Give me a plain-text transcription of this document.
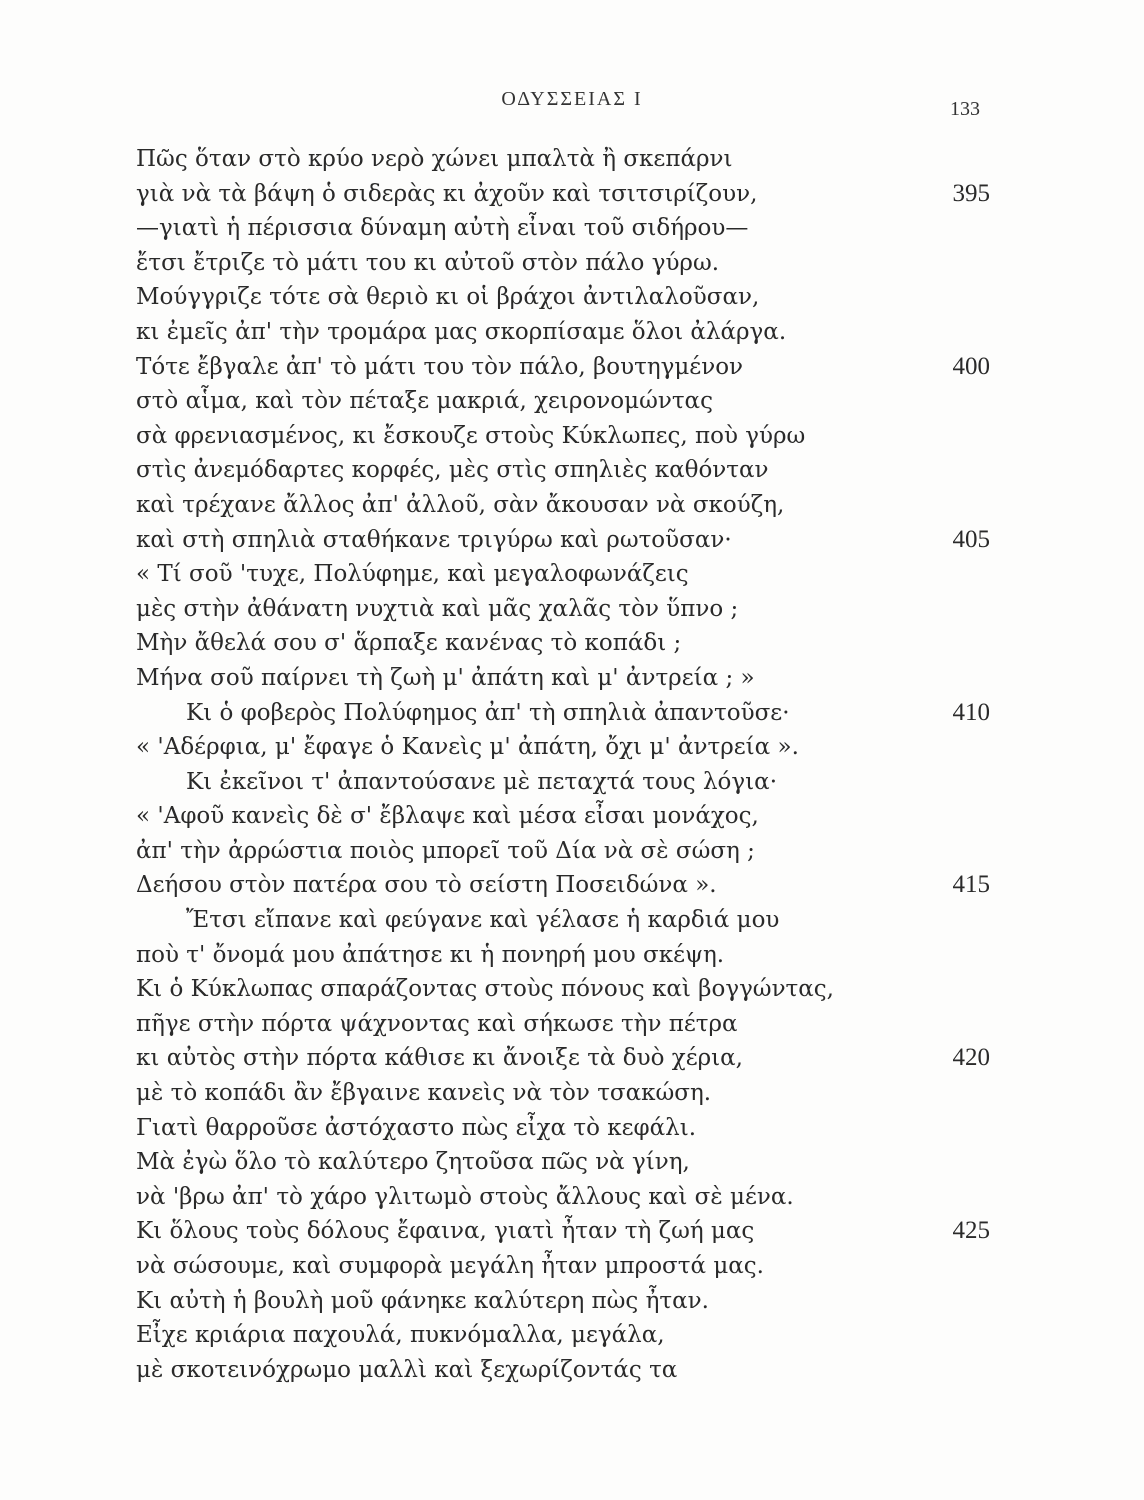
ΟΔΥΣΣΕΙΑΣ Ι	133
Πῶς ὅταν στὸ κρύο νερὸ χώνει μπαλτὰ ἢ σκεπάρνι
γιὰ νὰ τὰ βάψη ὁ σιδερὰς κι ἀχοῦν καὶ τσιτσιρίζουν,	395
—γιατὶ ἡ πέρισσια δύναμη αὐτὴ εἶναι τοῦ σιδήρου—
ἔτσι ἔτριζε τὸ μάτι του κι αὐτοῦ στὸν πάλο γύρω.
Μούγγριζε τότε σὰ θεριὸ κι οἱ βράχοι ἀντιλαλοῦσαν,
κι ἐμεῖς ἀπ' τὴν τρομάρα μας σκορπίσαμε ὅλοι ἀλάργα.
Τότε ἔβγαλε ἀπ' τὸ μάτι του τὸν πάλο, βουτηγμένον	400
στὸ αἷμα, καὶ τὸν πέταξε μακριά, χειρονομώντας
σὰ φρενιασμένος, κι ἔσκουζε στοὺς Κύκλωπες, ποὺ γύρω
στὶς ἀνεμόδαρτες κορφές, μὲς στὶς σπηλιὲς καθόνταν
καὶ τρέχανε ἄλλος ἀπ' ἀλλοῦ, σὰν ἄκουσαν νὰ σκούζη,
καὶ στὴ σπηλιὰ σταθήκανε τριγύρω καὶ ρωτοῦσαν·	405
« Τί σοῦ 'τυχε, Πολύφημε, καὶ μεγαλοφωνάζεις
μὲς στὴν ἀθάνατη νυχτιὰ καὶ μᾶς χαλᾶς τὸν ὕπνο ;
Μὴν ἄθελά σου σ' ἅρπαξε κανένας τὸ κοπάδι ;
Μήνα σοῦ παίρνει τὴ ζωὴ μ' ἀπάτη καὶ μ' ἀντρεία ; »
Κι ὁ φοβερὸς Πολύφημος ἀπ' τὴ σπηλιὰ ἀπαντοῦσε·	410
« 'Αδέρφια, μ' ἔφαγε ὁ Κανεὶς μ' ἀπάτη, ὄχι μ' ἀντρεία ».
Κι ἐκεῖνοι τ' ἀπαντούσανε μὲ πεταχτά τους λόγια·
« 'Αφοῦ κανεὶς δὲ σ' ἔβλαψε καὶ μέσα εἶσαι μονάχος,
ἀπ' τὴν ἀρρώστια ποιὸς μπορεῖ τοῦ Δία νὰ σὲ σώση ;
Δεήσου στὸν πατέρα σου τὸ σείστη Ποσειδώνα ».	415
Ἔτσι εἴπανε καὶ φεύγανε καὶ γέλασε ἡ καρδιά μου
ποὺ τ' ὄνομά μου ἀπάτησε κι ἡ πονηρή μου σκέψη.
Κι ὁ Κύκλωπας σπαράζοντας στοὺς πόνους καὶ βογγώντας,
πῆγε στὴν πόρτα ψάχνοντας καὶ σήκωσε τὴν πέτρα
κι αὐτὸς στὴν πόρτα κάθισε κι ἄνοιξε τὰ δυὸ χέρια,	420
μὲ τὸ κοπάδι ἂν ἔβγαινε κανεὶς νὰ τὸν τσακώση.
Γιατὶ θαρροῦσε ἀστόχαστο πὼς εἶχα τὸ κεφάλι.
Μὰ ἐγὼ ὅλο τὸ καλύτερο ζητοῦσα πῶς νὰ γίνη,
νὰ 'βρω ἀπ' τὸ χάρο γλιτωμὸ στοὺς ἄλλους καὶ σὲ μένα.
Κι ὅλους τοὺς δόλους ἔφαινα, γιατὶ ἦταν τὴ ζωή μας	425
νὰ σώσουμε, καὶ συμφορὰ μεγάλη ἦταν μπροστά μας.
Κι αὐτὴ ἡ βουλὴ μοῦ φάνηκε καλύτερη πὼς ἦταν.
Εἶχε κριάρια παχουλά, πυκνόμαλλα, μεγάλα,
μὲ σκοτεινόχρωμο μαλλὶ καὶ ξεχωρίζοντάς τα
